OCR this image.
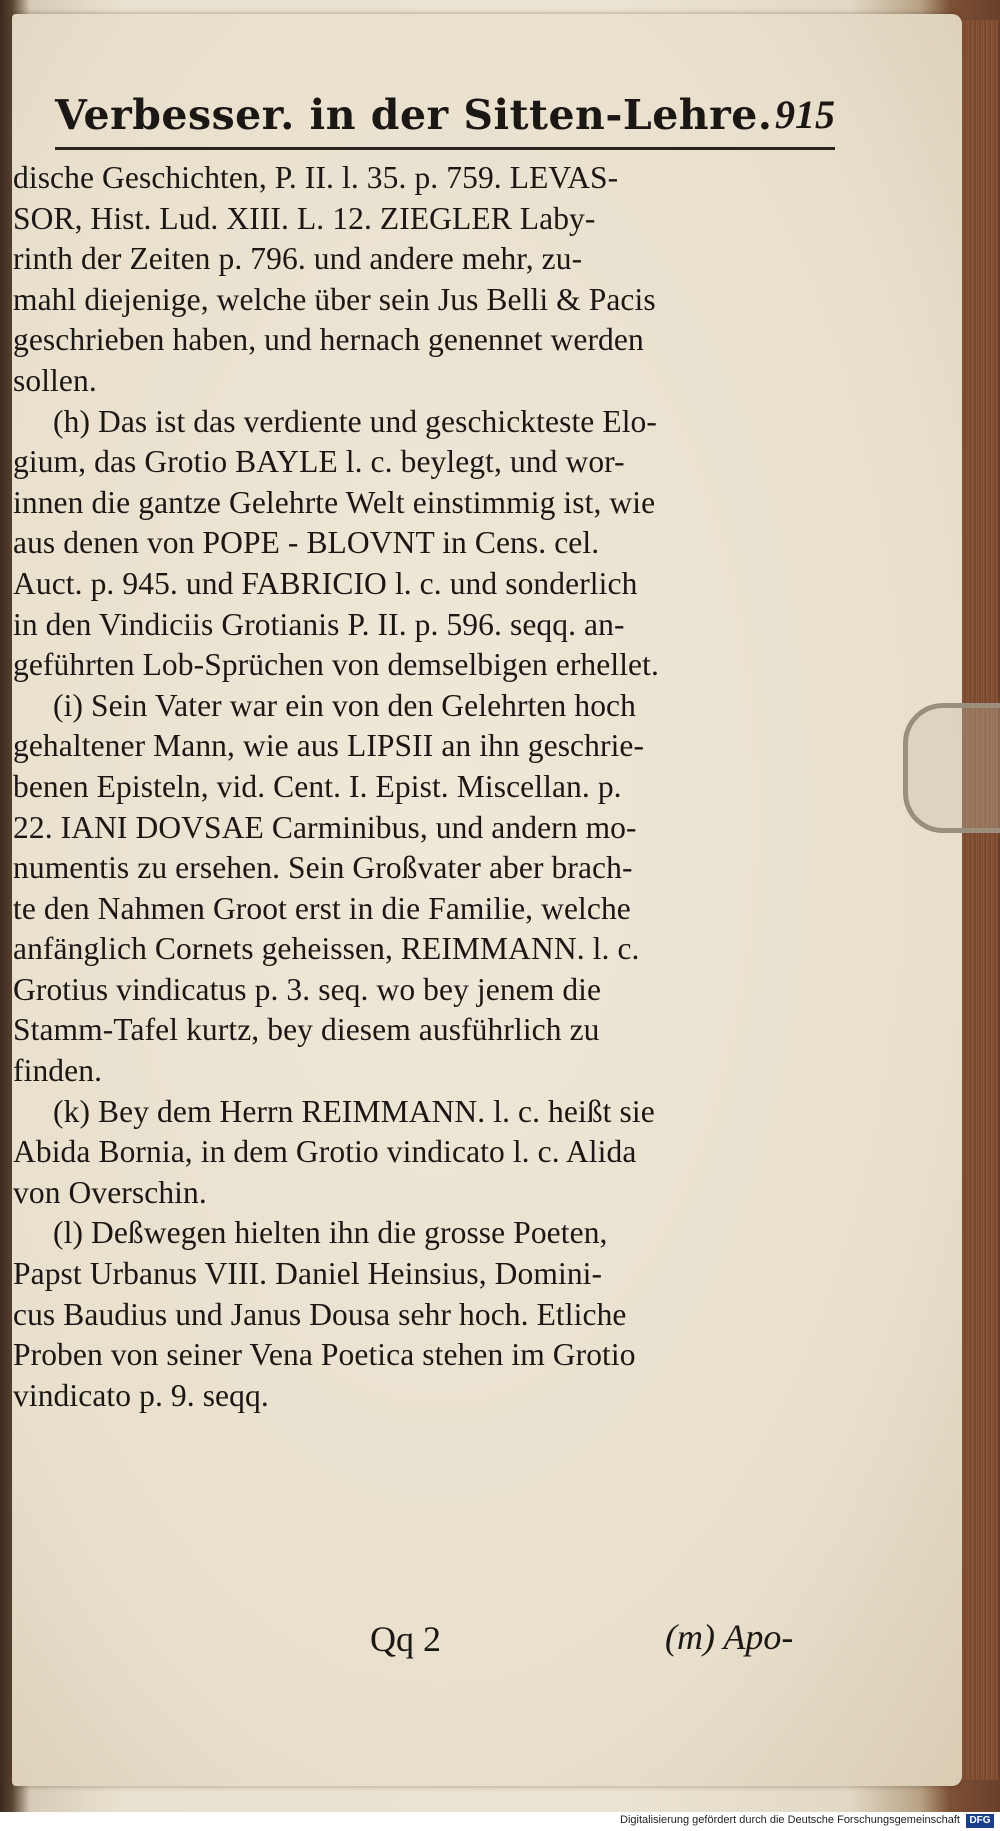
Verbesser. in der Sitten-Lehre. 915
dische Geschichten, P. II. l. 35. p. 759. LEVAS-
SOR, Hist. Lud. XIII. L. 12. ZIEGLER Laby-
rinth der Zeiten p. 796. und andere mehr, zu-
mahl diejenige, welche über sein Jus Belli & Pacis
geschrieben haben, und hernach genennet werden
sollen.
(h) Das ist das verdiente und geschickteste Elo-
gium, das Grotio BAYLE l. c. beylegt, und wor-
innen die gantze Gelehrte Welt einstimmig ist, wie
aus denen von POPE - BLOVNT in Cens. cel.
Auct. p. 945. und FABRICIO l. c. und sonderlich
in den Vindiciis Grotianis P. II. p. 596. seqq. an-
geführten Lob-Sprüchen von demselbigen erhellet.
(i) Sein Vater war ein von den Gelehrten hoch
gehaltener Mann, wie aus LIPSII an ihn geschrie-
benen Episteln, vid. Cent. I. Epist. Miscellan. p.
22. IANI DOVSAE Carminibus, und andern mo-
numentis zu ersehen. Sein Großvater aber brach-
te den Nahmen Groot erst in die Familie, welche
anfänglich Cornets geheissen, REIMMANN. l. c.
Grotius vindicatus p. 3. seq. wo bey jenem die
Stamm-Tafel kurtz, bey diesem ausführlich zu
finden.
(k) Bey dem Herrn REIMMANN. l. c. heißt sie
Abida Bornia, in dem Grotio vindicato l. c. Alida
von Overschin.
(l) Deßwegen hielten ihn die grosse Poeten,
Papst Urbanus VIII. Daniel Heinsius, Domini-
cus Baudius und Janus Dousa sehr hoch. Etliche
Proben von seiner Vena Poetica stehen im Grotio
vindicato p. 9. seqq.
Qq 2	(m) Apo-
Digitalisierung gefördert durch die Deutsche Forschungsgemeinschaft DFG
